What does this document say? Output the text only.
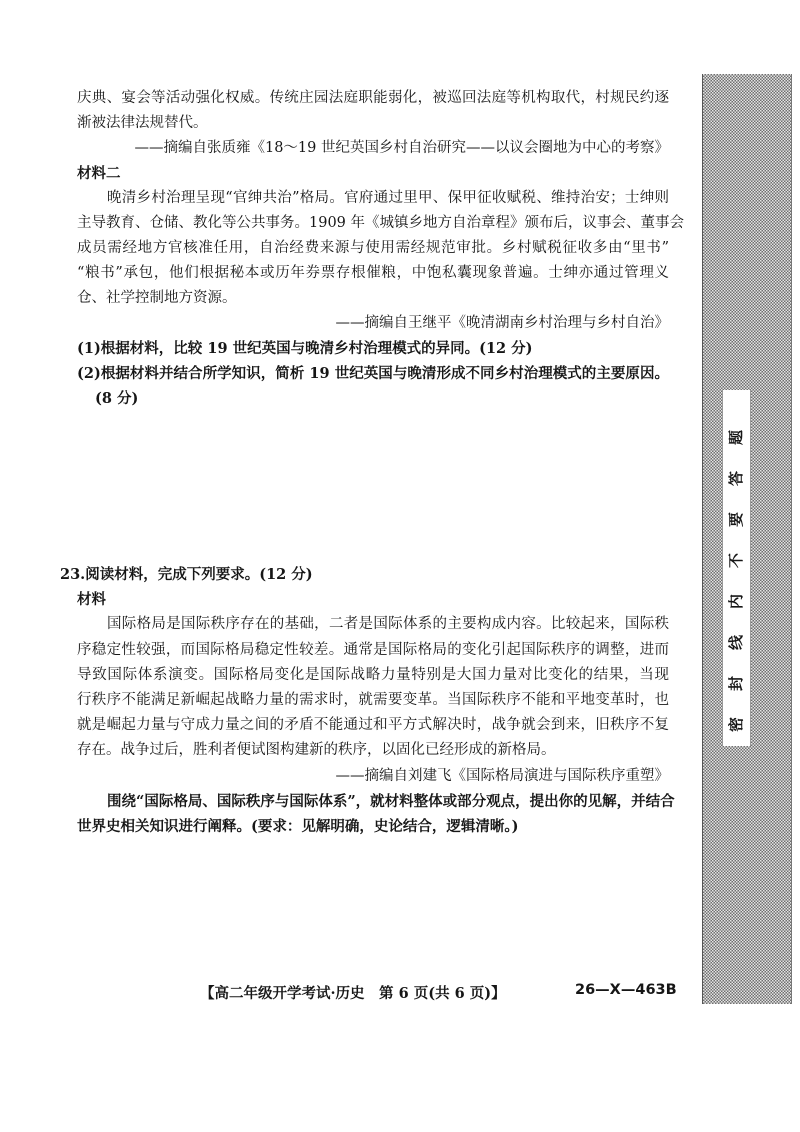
庆典、宴会等活动强化权威。传统庄园法庭职能弱化，被巡回法庭等机构取代，村规民约逐
渐被法律法规替代。
——摘编自张质雍《18～19 世纪英国乡村自治研究——以议会圈地为中心的考察》
材料二
晚清乡村治理呈现“官绅共治”格局。官府通过里甲、保甲征收赋税、维持治安；士绅则
主导教育、仓储、教化等公共事务。1909 年《城镇乡地方自治章程》颁布后，议事会、董事会
成员需经地方官核准任用，自治经费来源与使用需经规范审批。乡村赋税征收多由“里书”
“粮书”承包，他们根据秘本或历年券票存根催粮，中饱私囊现象普遍。士绅亦通过管理义
仓、社学控制地方资源。
——摘编自王继平《晚清湖南乡村治理与乡村自治》
(1)根据材料，比较 19 世纪英国与晚清乡村治理模式的异同。(12 分)
(2)根据材料并结合所学知识，简析 19 世纪英国与晚清形成不同乡村治理模式的主要原因。
(8 分)
23.阅读材料，完成下列要求。(12 分)
材料
国际格局是国际秩序存在的基础，二者是国际体系的主要构成内容。比较起来，国际秩
序稳定性较强，而国际格局稳定性较差。通常是国际格局的变化引起国际秩序的调整，进而
导致国际体系演变。国际格局变化是国际战略力量特别是大国力量对比变化的结果，当现
行秩序不能满足新崛起战略力量的需求时，就需要变革。当国际秩序不能和平地变革时，也
就是崛起力量与守成力量之间的矛盾不能通过和平方式解决时，战争就会到来，旧秩序不复
存在。战争过后，胜利者便试图构建新的秩序，以固化已经形成的新格局。
——摘编自刘建飞《国际格局演进与国际秩序重塑》
围绕“国际格局、国际秩序与国际体系”，就材料整体或部分观点，提出你的见解，并结合
世界史相关知识进行阐释。(要求：见解明确，史论结合，逻辑清晰。)
【高二年级开学考试·历史　第 6 页(共 6 页)】	26—X—463B
密封线内不要答题
